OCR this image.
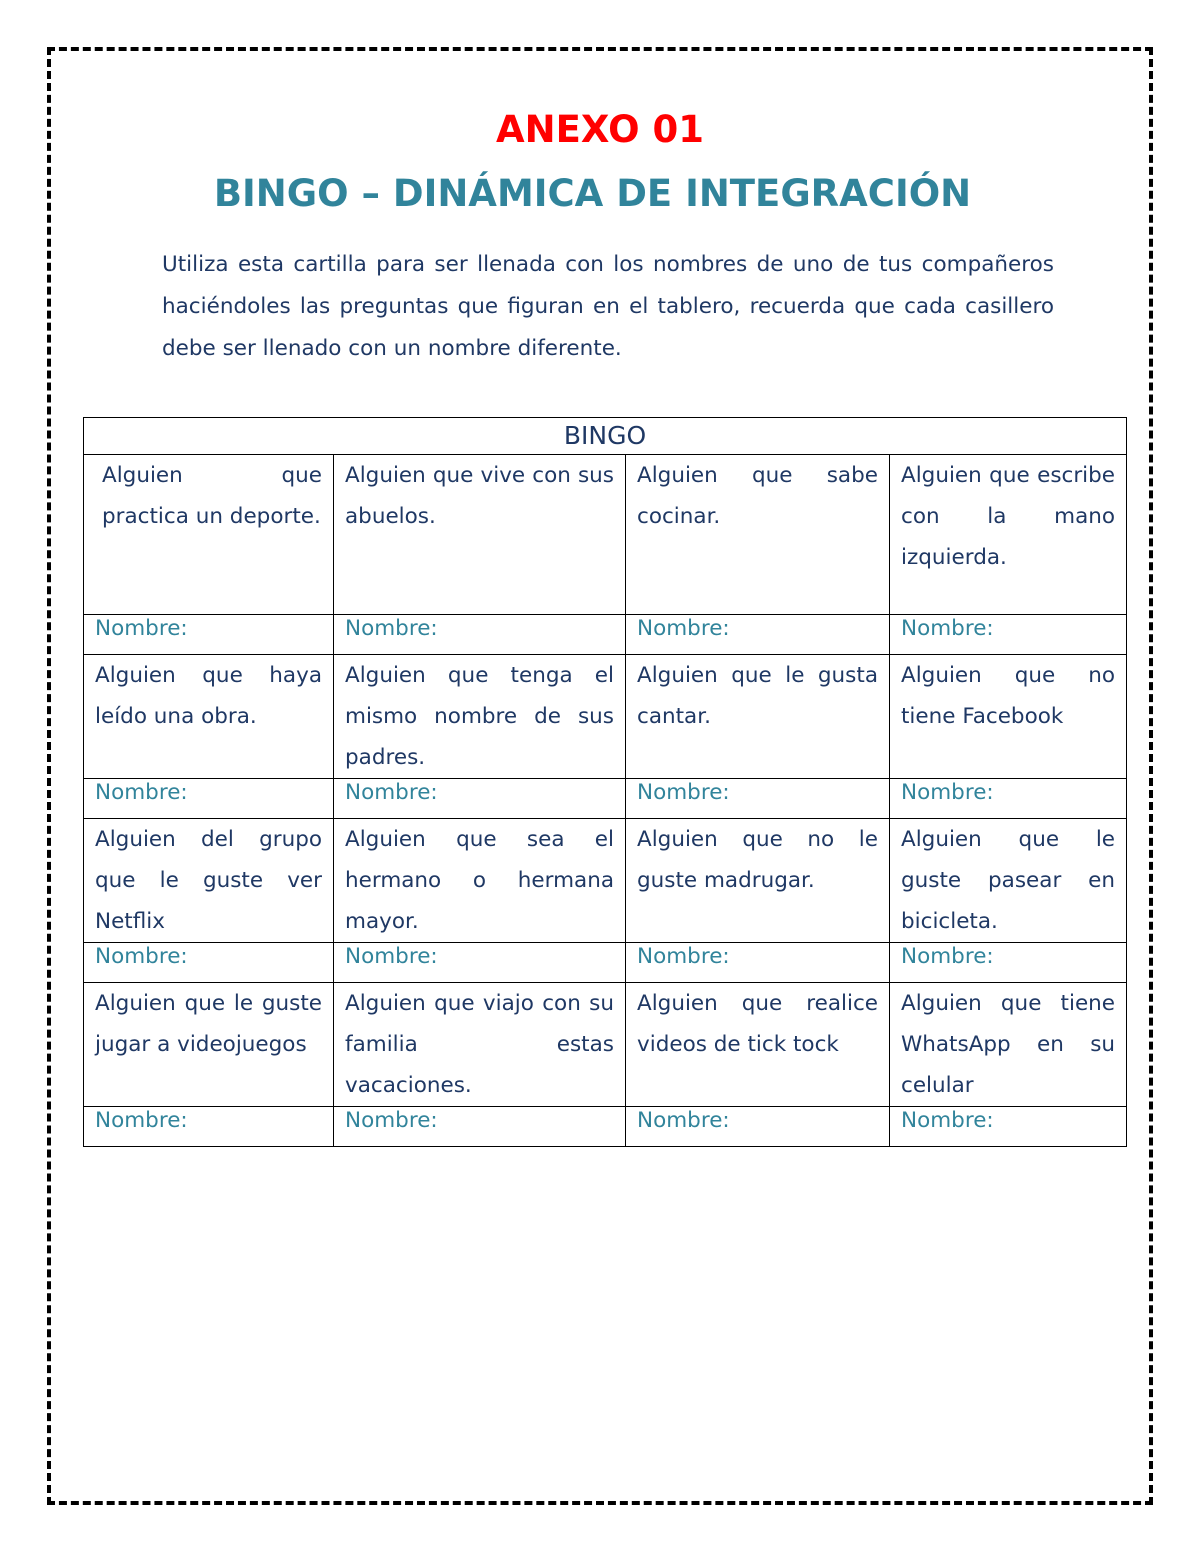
ANEXO 01
BINGO – DINÁMICA DE INTEGRACIÓN
Utiliza esta cartilla para ser llenada con los nombres de uno de tus compañeros haciéndoles las preguntas que figuran en el tablero, recuerda que cada casillero debe ser llenado con un nombre diferente.
BINGO			
Alguien que practica un deporte.	Alguien que vive con sus abuelos.	Alguien que sabe cocinar.	Alguien que escribe con la mano izquierda.
Nombre:	Nombre:	Nombre:	Nombre:
Alguien que haya leído una obra.	Alguien que tenga el mismo nombre de sus padres.	Alguien que le gusta cantar.	Alguien que no tiene Facebook
Nombre:	Nombre:	Nombre:	Nombre:
Alguien del grupo que le guste ver Netflix	Alguien que sea el hermano o hermana mayor.	Alguien que no le guste madrugar.	Alguien que le guste pasear en bicicleta.
Nombre:	Nombre:	Nombre:	Nombre:
Alguien que le guste jugar a videojuegos	Alguien que viajo con su familia estas vacaciones.	Alguien que realice videos de tick tock	Alguien que tiene WhatsApp en su celular
Nombre:	Nombre:	Nombre:	Nombre:
